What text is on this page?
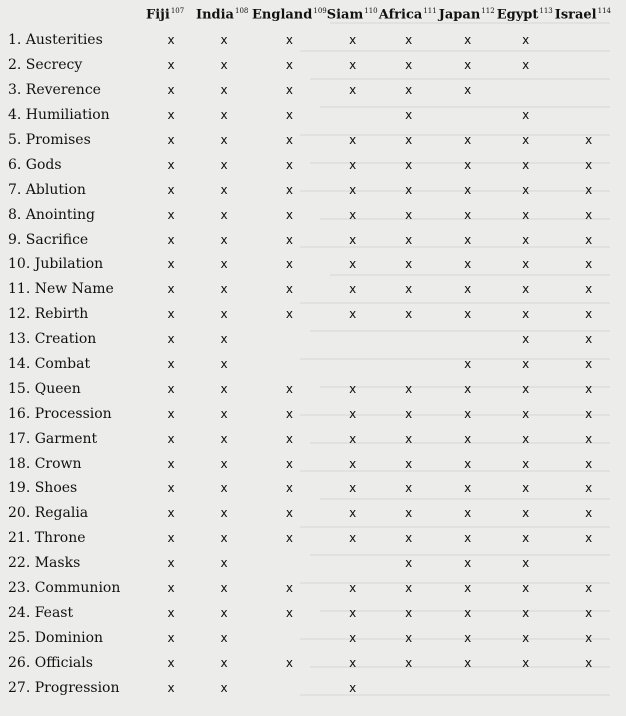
	Fiji$^{107}$	India$^{108}$	England$^{109}$	Siam$^{110}$	Africa$^{111}$	Japan$^{112}$	Egypt$^{113}$	Israel$^{114}$
1. Austerities	x	x	x	x	x	x	x	
2. Secrecy	x	x	x	x	x	x	x	
3. Reverence	x	x	x	x	x	x		
4. Humiliation	x	x	x		x		x	
5. Promises	x	x	x	x	x	x	x	x
6. Gods	x	x	x	x	x	x	x	x
7. Ablution	x	x	x	x	x	x	x	x
8. Anointing	x	x	x	x	x	x	x	x
9. Sacrifice	x	x	x	x	x	x	x	x
10. Jubilation	x	x	x	x	x	x	x	x
11. New Name	x	x	x	x	x	x	x	x
12. Rebirth	x	x	x	x	x	x	x	x
13. Creation	x	x					x	x
14. Combat	x	x				x	x	x
15. Queen	x	x	x	x	x	x	x	x
16. Procession	x	x	x	x	x	x	x	x
17. Garment	x	x	x	x	x	x	x	x
18. Crown	x	x	x	x	x	x	x	x
19. Shoes	x	x	x	x	x	x	x	x
20. Regalia	x	x	x	x	x	x	x	x
21. Throne	x	x	x	x	x	x	x	x
22. Masks	x	x			x	x	x	
23. Communion	x	x	x	x	x	x	x	x
24. Feast	x	x	x	x	x	x	x	x
25. Dominion	x	x		x	x	x	x	x
26. Officials	x	x	x	x	x	x	x	x
27. Progression	x	x		x				
